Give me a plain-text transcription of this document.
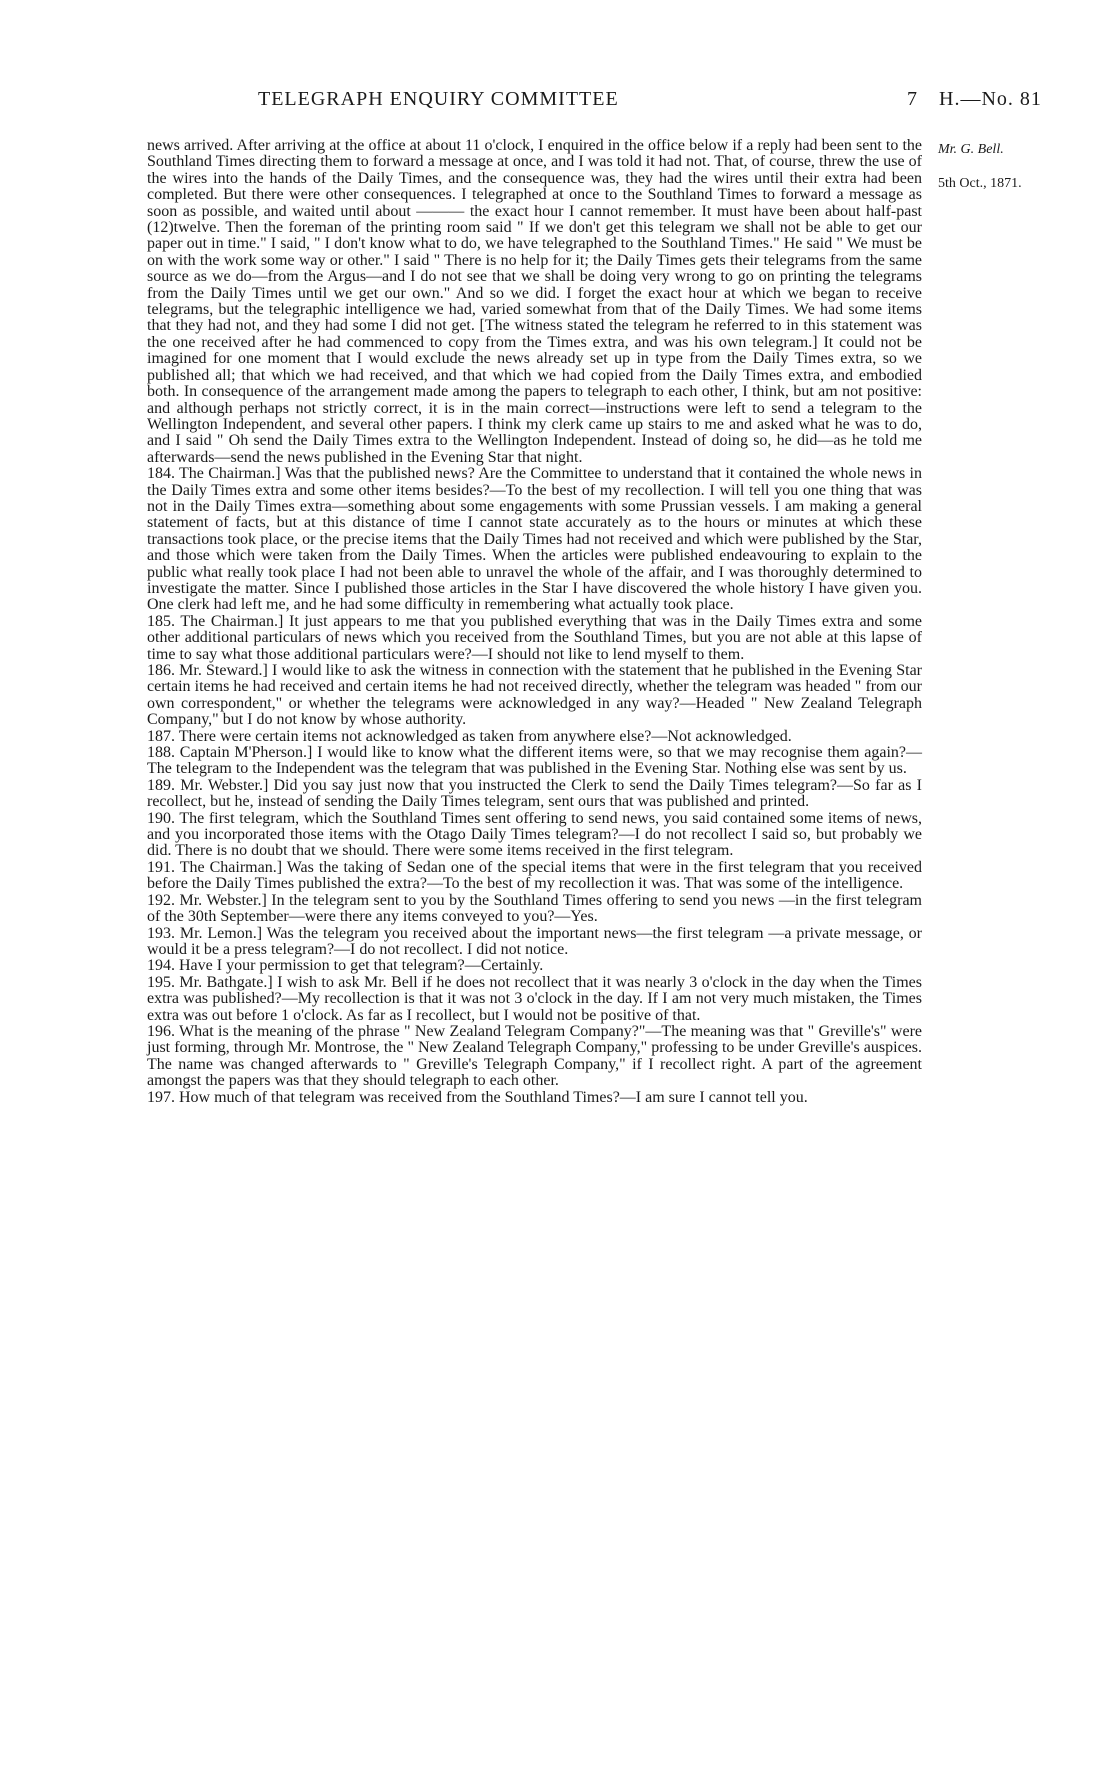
TELEGRAPH ENQUIRY COMMITTEE	7 H.—No. 81
Mr. G. Bell.
5th Oct., 1871.

news arrived. After arriving at the office at about 11 o'clock, I enquired in the office below if a reply had been sent to the Southland Times directing them to forward a message at once, and I was told it had not. That, of course, threw the use of the wires into the hands of the Daily Times, and the consequence was, they had the wires until their extra had been completed. But there were other consequences. I telegraphed at once to the Southland Times to forward a message as soon as possible, and waited until about ——— the exact hour I cannot remember. It must have been about half-past (12)twelve. Then the foreman of the printing room said " If we don't get this telegram we shall not be able to get our paper out in time." I said, " I don't know what to do, we have telegraphed to the Southland Times." He said " We must be on with the work some way or other." I said " There is no help for it; the Daily Times gets their telegrams from the same source as we do—from the Argus—and I do not see that we shall be doing very wrong to go on printing the telegrams from the Daily Times until we get our own." And so we did. I forget the exact hour at which we began to receive telegrams, but the telegraphic intelligence we had, varied somewhat from that of the Daily Times. We had some items that they had not, and they had some I did not get. [The witness stated the telegram he referred to in this statement was the one received after he had commenced to copy from the Times extra, and was his own telegram.] It could not be imagined for one moment that I would exclude the news already set up in type from the Daily Times extra, so we published all; that which we had received, and that which we had copied from the Daily Times extra, and embodied both. In consequence of the arrangement made among the papers to telegraph to each other, I think, but am not positive: and although perhaps not strictly correct, it is in the main correct—instructions were left to send a telegram to the Wellington Independent, and several other papers. I think my clerk came up stairs to me and asked what he was to do, and I said " Oh send the Daily Times extra to the Wellington Independent. Instead of doing so, he did—as he told me afterwards—send the news published in the Evening Star that night.

184. The Chairman.] Was that the published news? Are the Committee to understand that it contained the whole news in the Daily Times extra and some other items besides?—To the best of my recollection. I will tell you one thing that was not in the Daily Times extra—something about some engagements with some Prussian vessels. I am making a general statement of facts, but at this distance of time I cannot state accurately as to the hours or minutes at which these transactions took place, or the precise items that the Daily Times had not received and which were published by the Star, and those which were taken from the Daily Times. When the articles were published endeavouring to explain to the public what really took place I had not been able to unravel the whole of the affair, and I was thoroughly determined to investigate the matter. Since I published those articles in the Star I have discovered the whole history I have given you. One clerk had left me, and he had some difficulty in remembering what actually took place.

185. The Chairman.] It just appears to me that you published everything that was in the Daily Times extra and some other additional particulars of news which you received from the Southland Times, but you are not able at this lapse of time to say what those additional particulars were?—I should not like to lend myself to them.

186. Mr. Steward.] I would like to ask the witness in connection with the statement that he published in the Evening Star certain items he had received and certain items he had not received directly, whether the telegram was headed " from our own correspondent," or whether the telegrams were acknowledged in any way?—Headed " New Zealand Telegraph Company," but I do not know by whose authority.

187. There were certain items not acknowledged as taken from anywhere else?—Not acknowledged.

188. Captain M'Pherson.] I would like to know what the different items were, so that we may recognise them again?—The telegram to the Independent was the telegram that was published in the Evening Star. Nothing else was sent by us.

189. Mr. Webster.] Did you say just now that you instructed the Clerk to send the Daily Times telegram?—So far as I recollect, but he, instead of sending the Daily Times telegram, sent ours that was published and printed.

190. The first telegram, which the Southland Times sent offering to send news, you said contained some items of news, and you incorporated those items with the Otago Daily Times telegram?—I do not recollect I said so, but probably we did. There is no doubt that we should. There were some items received in the first telegram.

191. The Chairman.] Was the taking of Sedan one of the special items that were in the first telegram that you received before the Daily Times published the extra?—To the best of my recollection it was. That was some of the intelligence.

192. Mr. Webster.] In the telegram sent to you by the Southland Times offering to send you news —in the first telegram of the 30th September—were there any items conveyed to you?—Yes.

193. Mr. Lemon.] Was the telegram you received about the important news—the first telegram —a private message, or would it be a press telegram?—I do not recollect. I did not notice.

194. Have I your permission to get that telegram?—Certainly.

195. Mr. Bathgate.] I wish to ask Mr. Bell if he does not recollect that it was nearly 3 o'clock in the day when the Times extra was published?—My recollection is that it was not 3 o'clock in the day. If I am not very much mistaken, the Times extra was out before 1 o'clock. As far as I recollect, but I would not be positive of that.

196. What is the meaning of the phrase " New Zealand Telegram Company?"—The meaning was that " Greville's" were just forming, through Mr. Montrose, the " New Zealand Telegraph Company," professing to be under Greville's auspices. The name was changed afterwards to " Greville's Telegraph Company," if I recollect right. A part of the agreement amongst the papers was that they should telegraph to each other.

197. How much of that telegram was received from the Southland Times?—I am sure I cannot tell you.
